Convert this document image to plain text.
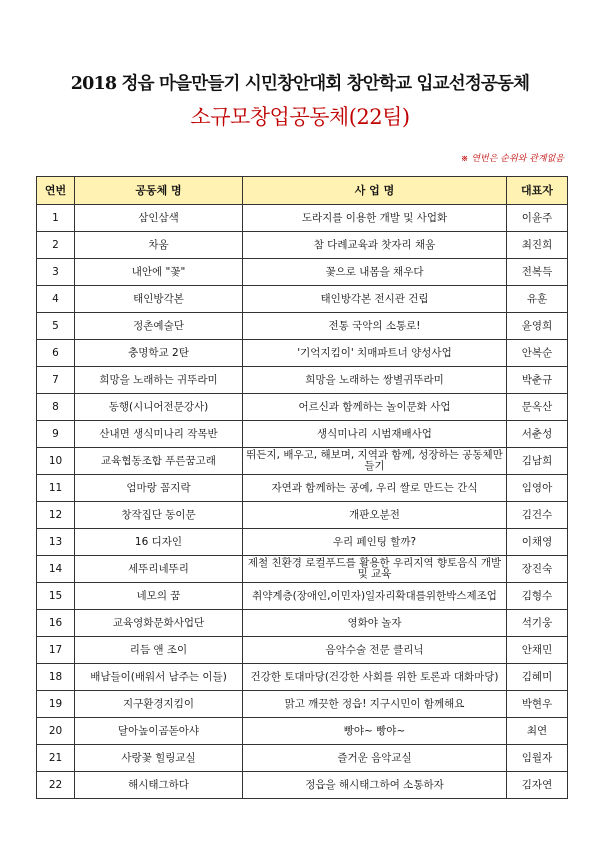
2018 정읍 마을만들기 시민창안대회 창안학교 입교선정공동체
소규모창업공동체(22팀)
※ 연번은 순위와 관계없음
연번	공동체 명	사 업 명	대표자
1	삼인삼색	도라지를 이용한 개발 및 사업화	이윤주
2	차움	참 다례교육과 찻자리 채움	최진희
3	내안에 "꽃"	꽃으로 내몸을 채우다	전복득
4	태인방각본	태인방각본 전시관 건립	유훈
5	정촌예술단	전통 국악의 소통로!	윤영희
6	충명학교 2탄	'기억지킴이' 치매파트너 양성사업	안복순
7	희망을 노래하는 귀뚜라미	희망을 노래하는 쌍별귀뚜라미	박춘규
8	동행(시니어전문강사)	어르신과 함께하는 놀이문화 사업	문옥산
9	산내면 생식미나리 작목반	생식미나리 시범재배사업	서춘성
10	교육협동조합 푸른꿈고래	뛰든지, 배우고, 해보며, 지역과 함께, 성장하는 공동체만들기	김남희
11	엄마랑 꼼지락	자연과 함께하는 공예, 우리 쌀로 만드는 간식	임영아
12	창작집단 동이문	개판오분전	김건수
13	16 디자인	우리 페인팅 할까?	이채영
14	세뚜리네뚜리	제철 친환경 로컬푸드를 활용한 우리지역 향토음식 개발 및 교육	장진숙
15	네모의 꿈	취약계층(장애인,이민자)일자리확대를위한박스제조업	김형수
16	교육영화문화사업단	영화야 놀자	석기웅
17	리듬 앤 조이	음악수술 전문 클리닉	안채민
18	배남들이(배워서 남주는 이들)	건강한 토대마당(건강한 사회를 위한 토론과 대화마당)	김혜미
19	지구환경지킴이	맑고 깨끗한 정읍! 지구시민이 함께해요	박현우
20	달아높이곰돋아샤	빵야~ 빵야~	최연
21	사랑꽃 힐링교실	즐거운 음악교실	임월자
22	해시태그하다	정읍을 해시태그하여 소통하자	김자연
